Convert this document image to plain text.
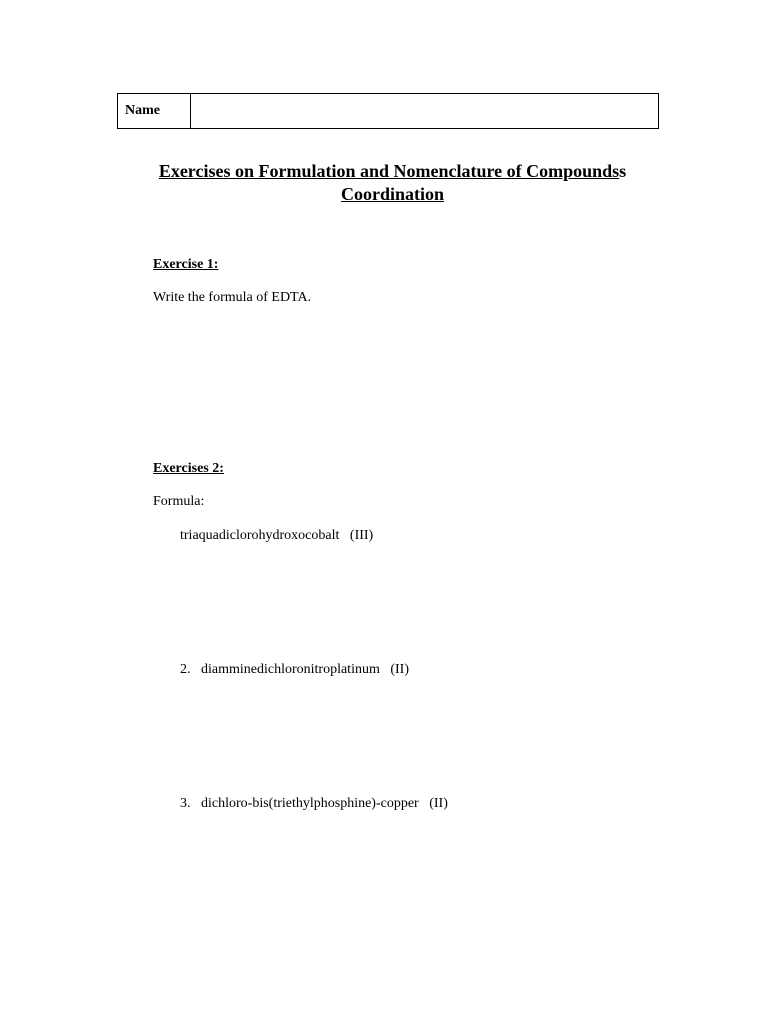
Name
Exercises on Formulation and Nomenclature of Compoundss
Coordination
Exercise 1:
Write the formula of EDTA.
Exercises 2:
Formula:
triaquadiclorohydroxocobalt (III)
2. diamminedichloronitroplatinum (II)
3. dichloro-bis(triethylphosphine)-copper (II)
